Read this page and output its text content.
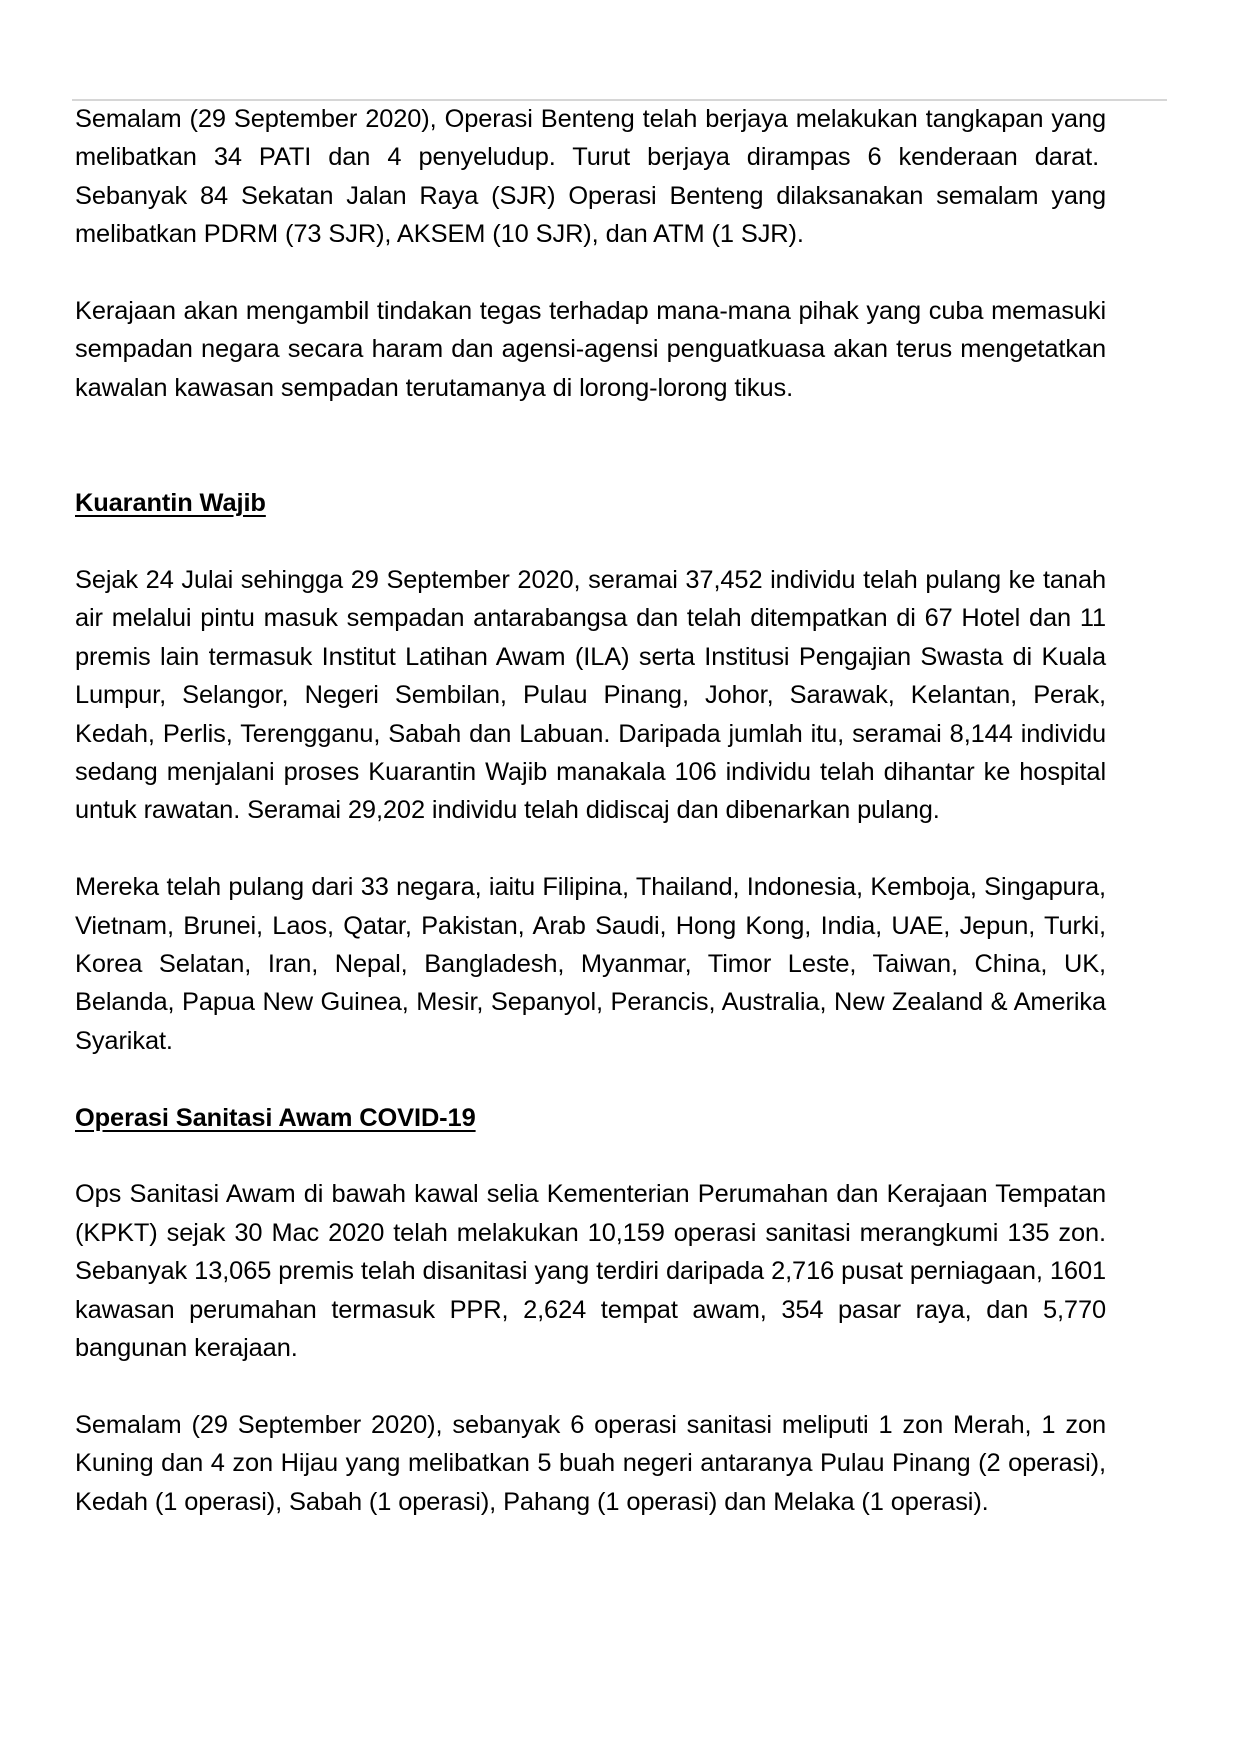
Semalam (29 September 2020), Operasi Benteng telah berjaya melakukan tangkapan yang melibatkan 34 PATI dan 4 penyeludup. Turut berjaya dirampas 6 kenderaan darat.  Sebanyak 84 Sekatan Jalan Raya (SJR) Operasi Benteng dilaksanakan semalam yang melibatkan PDRM (73 SJR), AKSEM (10 SJR), dan ATM (1 SJR).

Kerajaan akan mengambil tindakan tegas terhadap mana-mana pihak yang cuba memasuki sempadan negara secara haram dan agensi-agensi penguatkuasa akan terus mengetatkan kawalan kawasan sempadan terutamanya di lorong-lorong tikus.

Kuarantin Wajib

Sejak 24 Julai sehingga 29 September 2020, seramai 37,452 individu telah pulang ke tanah air melalui pintu masuk sempadan antarabangsa dan telah ditempatkan di 67 Hotel dan 11 premis lain termasuk Institut Latihan Awam (ILA) serta Institusi Pengajian Swasta di Kuala Lumpur, Selangor, Negeri Sembilan, Pulau Pinang, Johor, Sarawak, Kelantan, Perak, Kedah, Perlis, Terengganu, Sabah dan Labuan. Daripada jumlah itu, seramai 8,144 individu sedang menjalani proses Kuarantin Wajib manakala 106 individu telah dihantar ke hospital untuk rawatan. Seramai 29,202 individu telah didiscaj dan dibenarkan pulang.

Mereka telah pulang dari 33 negara, iaitu Filipina, Thailand, Indonesia, Kemboja, Singapura, Vietnam, Brunei, Laos, Qatar, Pakistan, Arab Saudi, Hong Kong, India, UAE, Jepun, Turki, Korea Selatan, Iran, Nepal, Bangladesh, Myanmar, Timor Leste, Taiwan, China, UK, Belanda, Papua New Guinea, Mesir, Sepanyol, Perancis, Australia, New Zealand & Amerika Syarikat.

Operasi Sanitasi Awam COVID-19

Ops Sanitasi Awam di bawah kawal selia Kementerian Perumahan dan Kerajaan Tempatan (KPKT) sejak 30 Mac 2020 telah melakukan 10,159 operasi sanitasi merangkumi 135 zon. Sebanyak 13,065 premis telah disanitasi yang terdiri daripada 2,716 pusat perniagaan, 1601 kawasan perumahan termasuk PPR, 2,624 tempat awam, 354 pasar raya, dan 5,770 bangunan kerajaan.

Semalam (29 September 2020), sebanyak 6 operasi sanitasi meliputi 1 zon Merah, 1 zon Kuning dan 4 zon Hijau yang melibatkan 5 buah negeri antaranya Pulau Pinang (2 operasi), Kedah (1 operasi), Sabah (1 operasi), Pahang (1 operasi) dan Melaka (1 operasi).
